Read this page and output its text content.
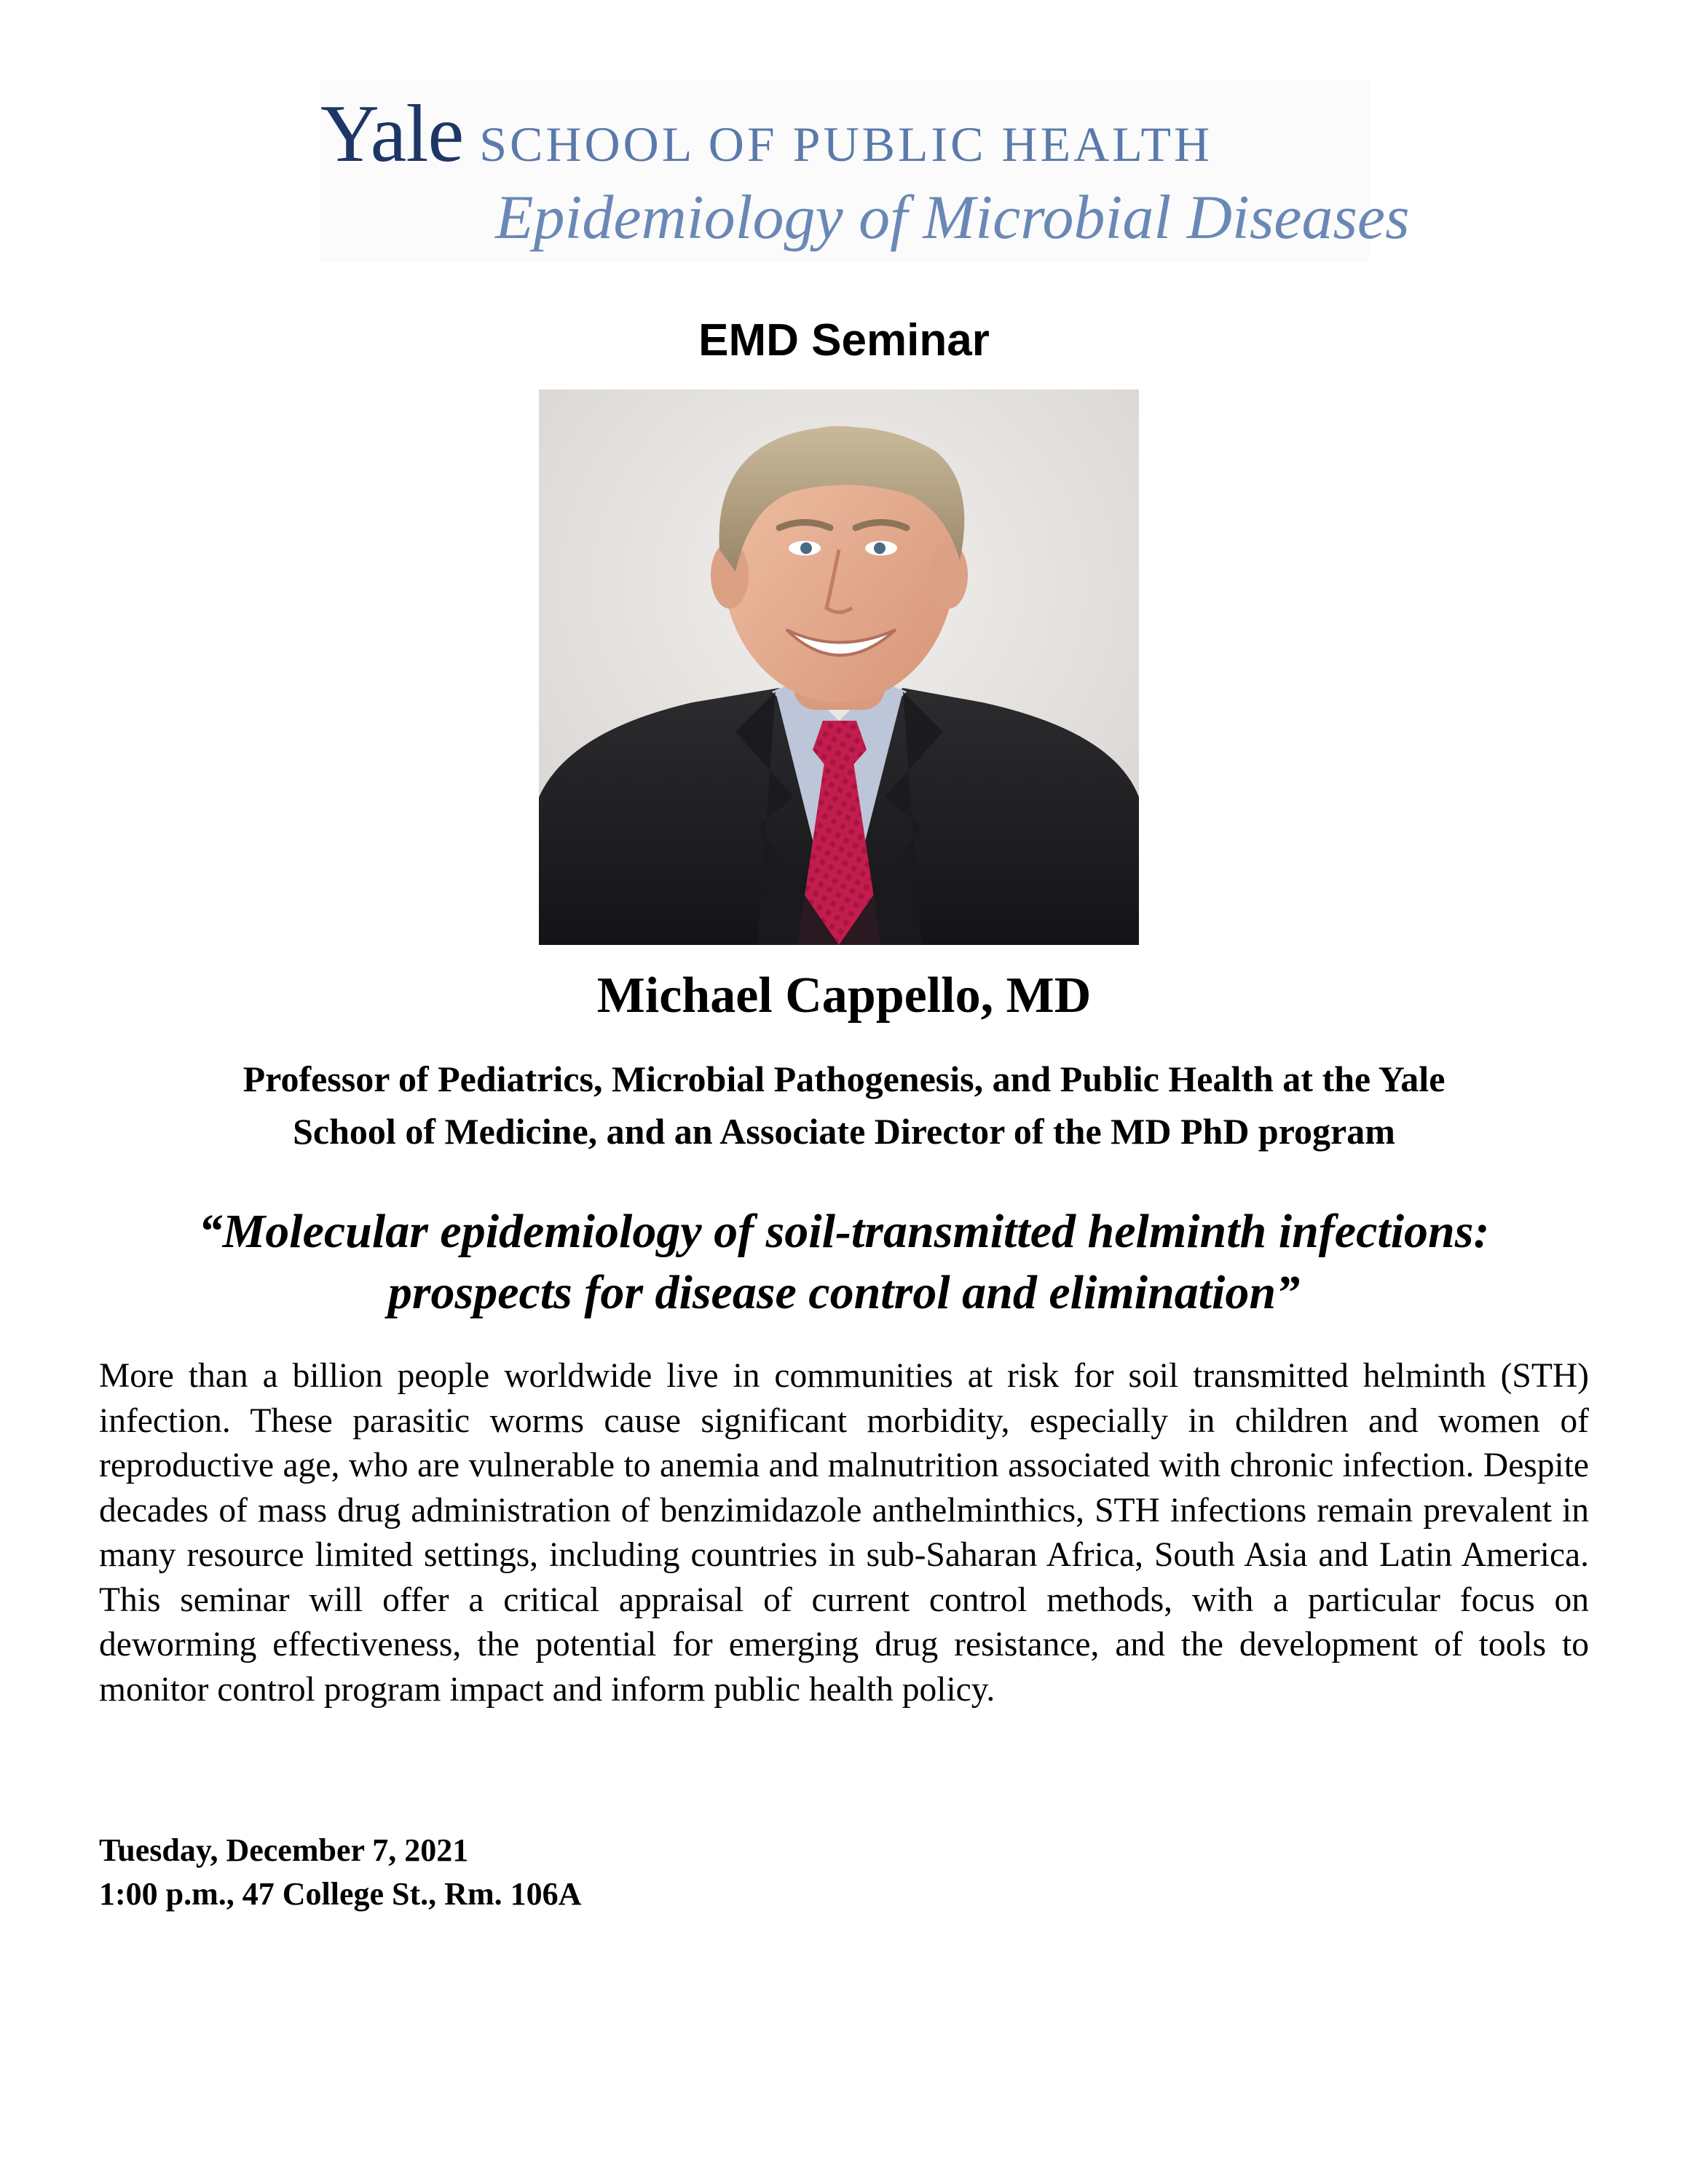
Yale SCHOOL OF PUBLIC HEALTH
Epidemiology of Microbial Diseases
EMD Seminar
Michael Cappello, MD
Professor of Pediatrics, Microbial Pathogenesis, and Public Health at the Yale
School of Medicine, and an Associate Director of the MD PhD program
“Molecular epidemiology of soil-transmitted helminth infections:
prospects for disease control and elimination”
More than a billion people worldwide live in communities at risk for soil transmitted helminth (STH) infection. These parasitic worms cause significant morbidity, especially in children and women of reproductive age, who are vulnerable to anemia and malnutrition associated with chronic infection. Despite decades of mass drug administration of benzimidazole anthelminthics, STH infections remain prevalent in many resource limited settings, including countries in sub-Saharan Africa, South Asia and Latin America. This seminar will offer a critical appraisal of current control methods, with a particular focus on deworming effectiveness, the potential for emerging drug resistance, and the development of tools to monitor control program impact and inform public health policy.
Tuesday, December 7, 2021
1:00 p.m., 47 College St., Rm. 106A
